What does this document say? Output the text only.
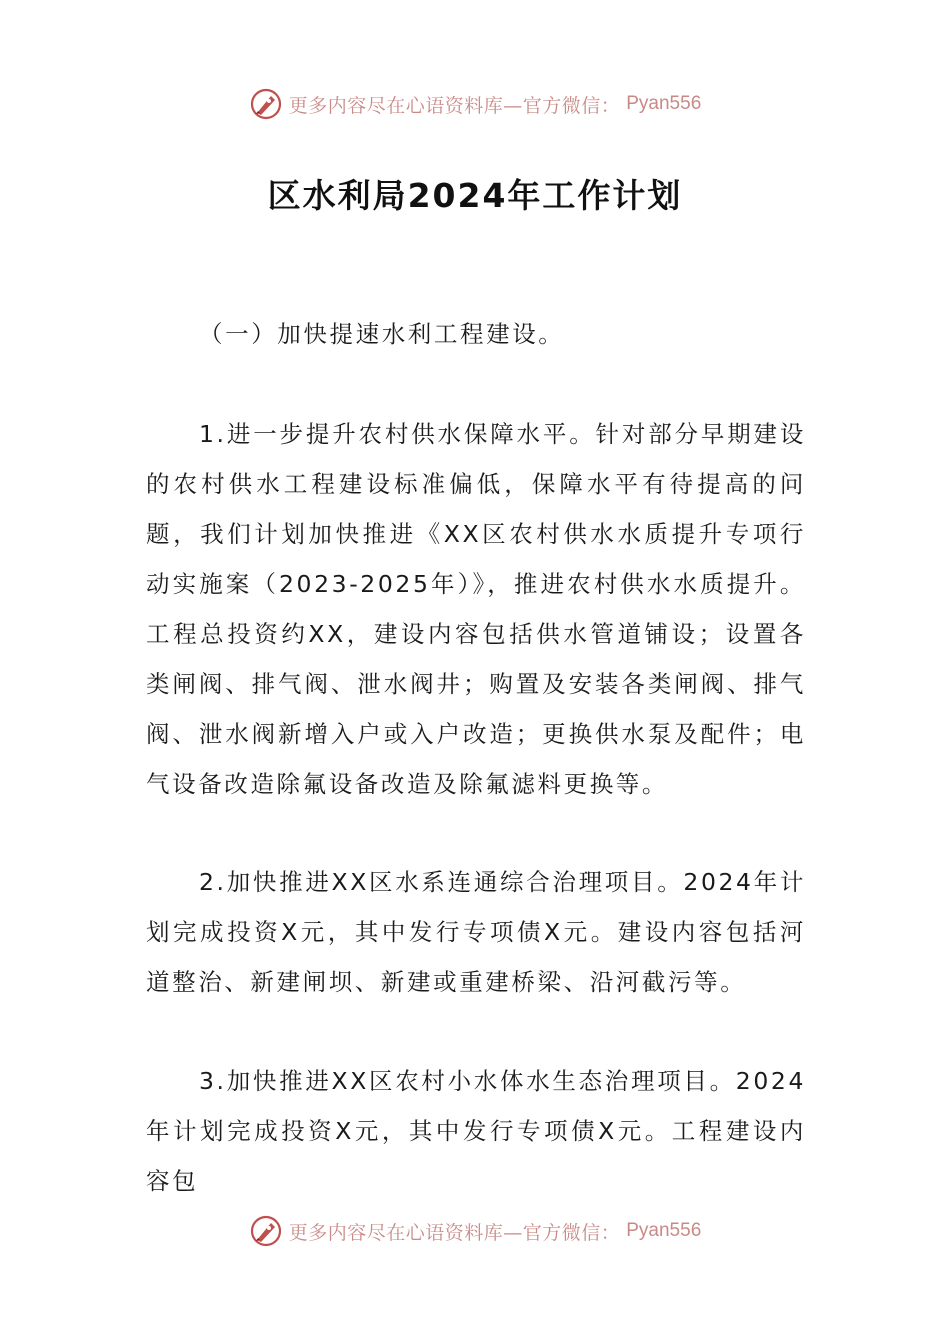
更多内容尽在心语资料库—官方微信： Pyan556
区水利局2024年工作计划

（一）加快提速水利工程建设。

1.进一步提升农村供水保障水平。针对部分早期建设的农村供水工程建设标准偏低，保障水平有待提高的问题，我们计划加快推进《XX区农村供水水质提升专项行动实施案（2023-2025年）》，推进农村供水水质提升。工程总投资约XX，建设内容包括供水管道铺设；设置各类闸阀、排气阀、泄水阀井；购置及安装各类闸阀、排气阀、泄水阀新增入户或入户改造；更换供水泵及配件；电气设备改造除氟设备改造及除氟滤料更换等。

2.加快推进XX区水系连通综合治理项目。2024年计划完成投资X元，其中发行专项债X元。建设内容包括河道整治、新建闸坝、新建或重建桥梁、沿河截污等。

3.加快推进XX区农村小水体水生态治理项目。2024年计划完成投资X元，其中发行专项债X元。工程建设内容包

更多内容尽在心语资料库—官方微信： Pyan556
